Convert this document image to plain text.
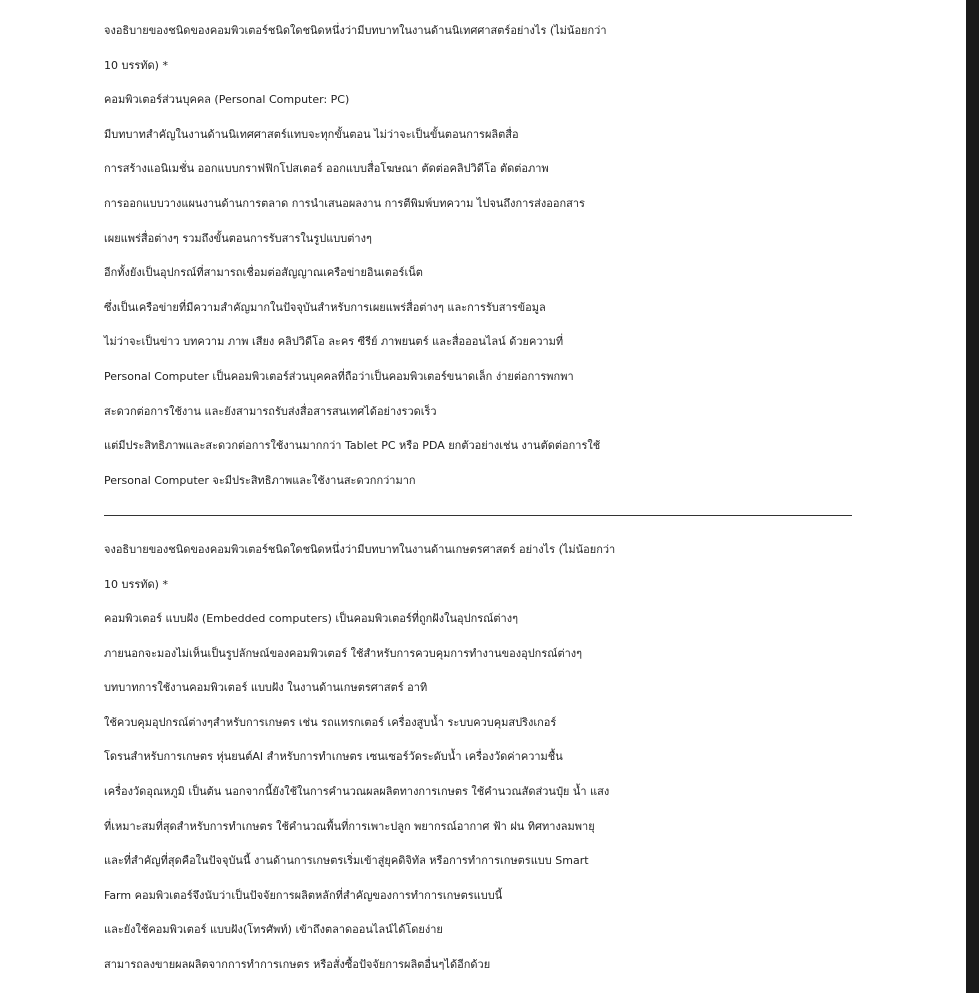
จงอธิบายของชนิดของคอมพิวเตอร์ชนิดใดชนิดหนึ่งว่ามีบทบาทในงานด้านนิเทศศาสตร์อย่างไร (ไม่น้อยกว่า
10 บรรทัด) *
คอมพิวเตอร์ส่วนบุคคล (Personal Computer: PC)
มีบทบาทสำคัญในงานด้านนิเทศศาสตร์แทบจะทุกขั้นตอน ไม่ว่าจะเป็นขั้นตอนการผลิตสื่อ
การสร้างแอนิเมชั่น ออกแบบกราฟฟิกโปสเตอร์ ออกแบบสื่อโฆษณา ตัดต่อคลิปวิดีโอ ตัดต่อภาพ
การออกแบบวางแผนงานด้านการตลาด การนำเสนอผลงาน การตีพิมพ์บทความ ไปจนถึงการส่งออกสาร
เผยแพร่สื่อต่างๆ รวมถึงขั้นตอนการรับสารในรูปแบบต่างๆ
อีกทั้งยังเป็นอุปกรณ์ที่สามารถเชื่อมต่อสัญญาณเครือข่ายอินเตอร์เน็ต
ซึ่งเป็นเครือข่ายที่มีความสำคัญมากในปัจจุบันสำหรับการเผยแพร่สื่อต่างๆ และการรับสารข้อมูล
ไม่ว่าจะเป็นข่าว บทความ ภาพ เสียง คลิปวิดีโอ ละคร ซีรีย์ ภาพยนตร์ และสื่อออนไลน์ ด้วยความที่
Personal Computer เป็นคอมพิวเตอร์ส่วนบุคคลที่ถือว่าเป็นคอมพิวเตอร์ขนาดเล็ก ง่ายต่อการพกพา
สะดวกต่อการใช้งาน และยังสามารถรับส่งสื่อสารสนเทศได้อย่างรวดเร็ว
แต่มีประสิทธิภาพและสะดวกต่อการใช้งานมากกว่า Tablet PC หรือ PDA ยกตัวอย่างเช่น งานตัดต่อการใช้
Personal Computer จะมีประสิทธิภาพและใช้งานสะดวกกว่ามาก
จงอธิบายของชนิดของคอมพิวเตอร์ชนิดใดชนิดหนึ่งว่ามีบทบาทในงานด้านเกษตรศาสตร์ อย่างไร (ไม่น้อยกว่า
10 บรรทัด) *
คอมพิวเตอร์ แบบฝัง (Embedded computers) เป็นคอมพิวเตอร์ที่ถูกฝังในอุปกรณ์ต่างๆ
ภายนอกจะมองไม่เห็นเป็นรูปลักษณ์ของคอมพิวเตอร์ ใช้สำหรับการควบคุมการทำงานของอุปกรณ์ต่างๆ
บทบาทการใช้งานคอมพิวเตอร์ แบบฝัง ในงานด้านเกษตรศาสตร์ อาทิ
ใช้ควบคุมอุปกรณ์ต่างๆสำหรับการเกษตร เช่น รถแทรกเตอร์ เครื่องสูบน้ำ ระบบควบคุมสปริงเกอร์
โดรนสำหรับการเกษตร หุ่นยนต์AI สำหรับการทำเกษตร เซนเซอร์วัดระดับน้ำ เครื่องวัดค่าความชื้น
เครื่องวัดอุณหภูมิ เป็นต้น นอกจากนี้ยังใช้ในการคำนวณผลผลิตทางการเกษตร ใช้คำนวณสัดส่วนปุ๋ย น้ำ แสง
ที่เหมาะสมที่สุดสำหรับการทำเกษตร ใช้คำนวณพื้นที่การเพาะปลูก พยากรณ์อากาศ ฟ้า ฝน ทิศทางลมพายุ
และที่สำคัญที่สุดคือในปัจจุบันนี้ งานด้านการเกษตรเริ่มเข้าสู่ยุคดิจิทัล หรือการทำการเกษตรแบบ Smart
Farm คอมพิวเตอร์จึงนับว่าเป็นปัจจัยการผลิตหลักที่สำคัญของการทำการเกษตรแบบนี้
และยังใช้คอมพิวเตอร์ แบบฝัง(โทรศัพท์) เข้าถึงตลาดออนไลน์ได้โดยง่าย
สามารถลงขายผลผลิตจากการทำการเกษตร หรือสั่งซื้อปัจจัยการผลิตอื่นๆได้อีกด้วย
